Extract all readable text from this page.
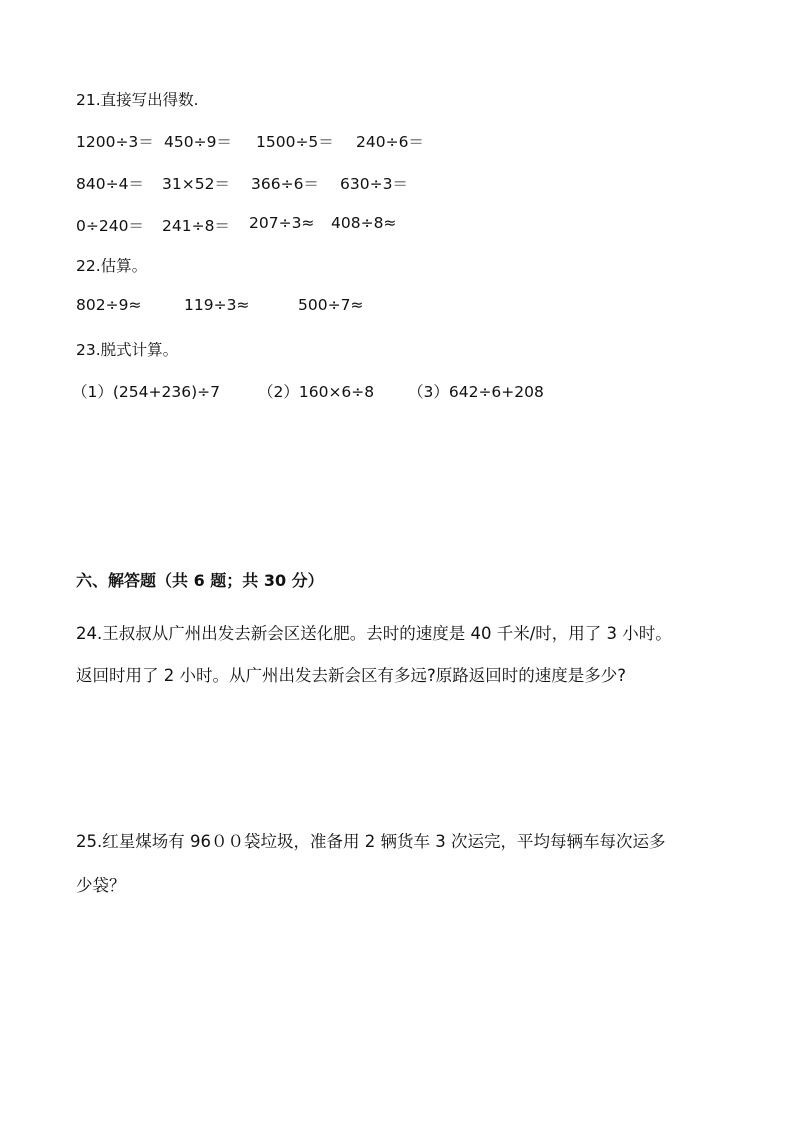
21.直接写出得数.
1200÷3＝ 450÷9＝ 1500÷5＝ 240÷6＝
840÷4＝ 31×52＝ 366÷6＝ 630÷3＝
0÷240＝ 241÷8＝ 207÷3≈ 408÷8≈
22.估算。
802÷9≈	119÷3≈	500÷7≈
23.脱式计算。
（1）(254+236)÷7 （2）160×6÷8 （3）642÷6+208
六、解答题（共 6 题；共 30 分）
24.王叔叔从广州出发去新会区送化肥。去时的速度是 40 千米/时，用了 3 小时。
返回时用了 2 小时。从广州出发去新会区有多远?原路返回时的速度是多少?
25.红星煤场有 96００袋垃圾，准备用 2 辆货车 3 次运完，平均每辆车每次运多
少袋？
